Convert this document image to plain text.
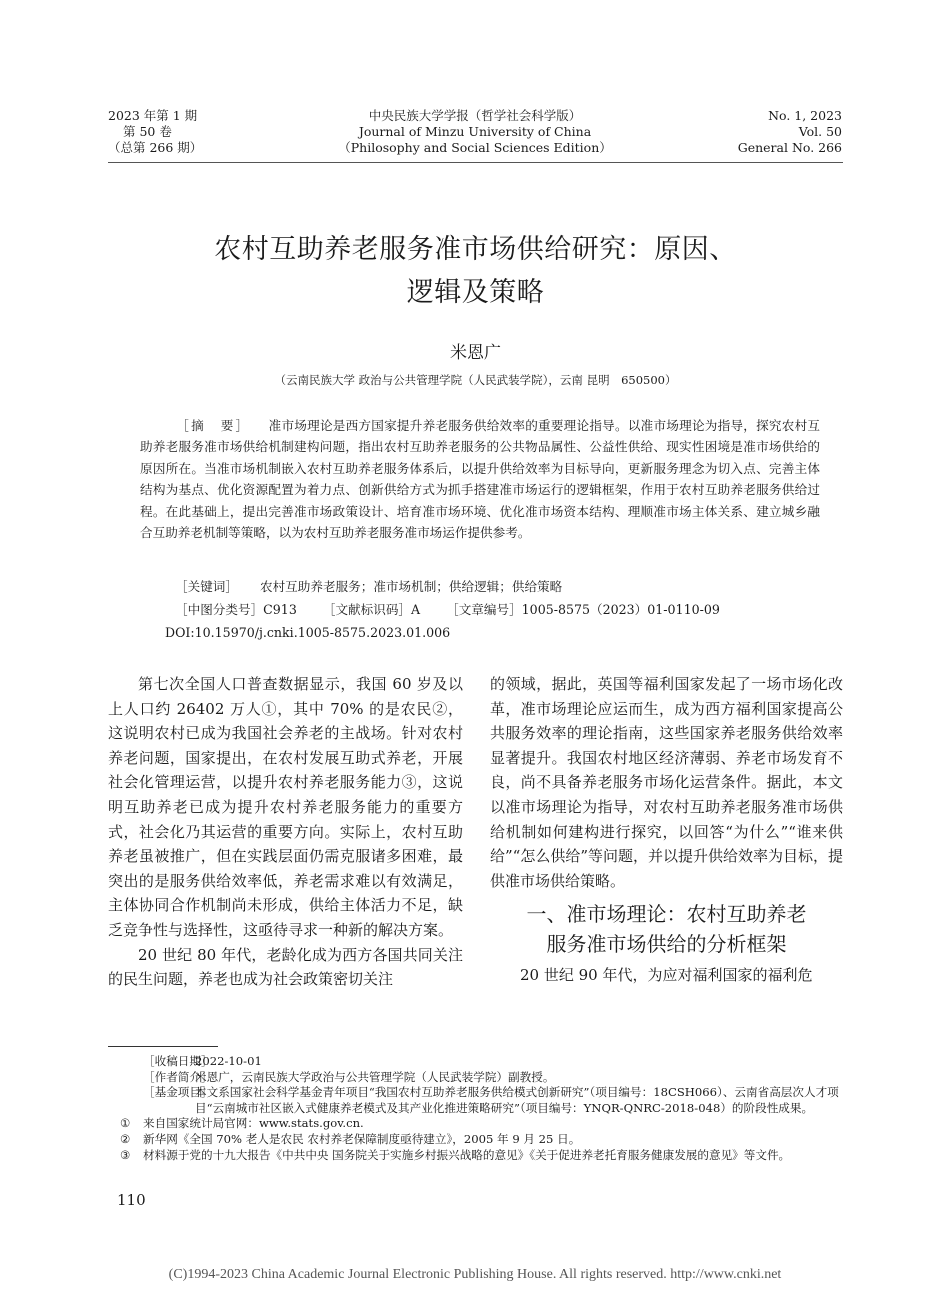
2023 年第 1 期
第 50 卷
（总第 266 期）
中央民族大学学报（哲学社会科学版）
Journal of Minzu University of China
（Philosophy and Social Sciences Edition）
No. 1, 2023
Vol. 50
General No. 266
农村互助养老服务准市场供给研究：原因、
逻辑及策略
米恩广
（云南民族大学 政治与公共管理学院（人民武装学院），云南 昆明　650500）
［摘　要］ 准市场理论是西方国家提升养老服务供给效率的重要理论指导。以准市场理论为指导，探究农村互助养老服务准市场供给机制建构问题，指出农村互助养老服务的公共物品属性、公益性供给、现实性困境是准市场供给的原因所在。当准市场机制嵌入农村互助养老服务体系后，以提升供给效率为目标导向，更新服务理念为切入点、完善主体结构为基点、优化资源配置为着力点、创新供给方式为抓手搭建准市场运行的逻辑框架，作用于农村互助养老服务供给过程。在此基础上，提出完善准市场政策设计、培育准市场环境、优化准市场资本结构、理顺准市场主体关系、建立城乡融合互助养老机制等策略，以为农村互助养老服务准市场运作提供参考。
［关键词］ 农村互助养老服务；准市场机制；供给逻辑；供给策略
［中图分类号］C913 ［文献标识码］A ［文章编号］1005-8575（2023）01-0110-09
DOI:10.15970/j.cnki.1005-8575.2023.01.006

第七次全国人口普查数据显示，我国 60 岁及以上人口约 26402 万人①，其中 70% 的是农民②，这说明农村已成为我国社会养老的主战场。针对农村养老问题，国家提出，在农村发展互助式养老，开展社会化管理运营，以提升农村养老服务能力③，这说明互助养老已成为提升农村养老服务能力的重要方式，社会化乃其运营的重要方向。实际上，农村互助养老虽被推广，但在实践层面仍需克服诸多困难，最突出的是服务供给效率低，养老需求难以有效满足，主体协同合作机制尚未形成，供给主体活力不足，缺乏竞争性与选择性，这亟待寻求一种新的解决方案。

20 世纪 80 年代，老龄化成为西方各国共同关注的民生问题，养老也成为社会政策密切关注

的领域，据此，英国等福利国家发起了一场市场化改革，准市场理论应运而生，成为西方福利国家提高公共服务效率的理论指南，这些国家养老服务供给效率显著提升。我国农村地区经济薄弱、养老市场发育不良，尚不具备养老服务市场化运营条件。据此，本文以准市场理论为指导，对农村互助养老服务准市场供给机制如何建构进行探究，以回答“为什么”“谁来供给”“怎么供给”等问题，并以提升供给效率为目标，提供准市场供给策略。

一、准市场理论：农村互助养老
服务准市场供给的分析框架

20 世纪 90 年代，为应对福利国家的福利危

［收稿日期］
2022-10-01
［作者简介］
米恩广，云南民族大学政治与公共管理学院（人民武装学院）副教授。
［基金项目］
本文系国家社会科学基金青年项目“我国农村互助养老服务供给模式创新研究”（项目编号：18CSH066）、云南省高层次人才项目“云南城市社区嵌入式健康养老模式及其产业化推进策略研究”（项目编号：YNQR-QNRC-2018-048）的阶段性成果。
①	来自国家统计局官网：www.stats.gov.cn.
②	新华网《全国 70% 老人是农民 农村养老保障制度亟待建立》，2005 年 9 月 25 日。
③	材料源于党的十九大报告《中共中央 国务院关于实施乡村振兴战略的意见》《关于促进养老托育服务健康发展的意见》等文件。
110
(C)1994-2023 China Academic Journal Electronic Publishing House. All rights reserved. http://www.cnki.net
